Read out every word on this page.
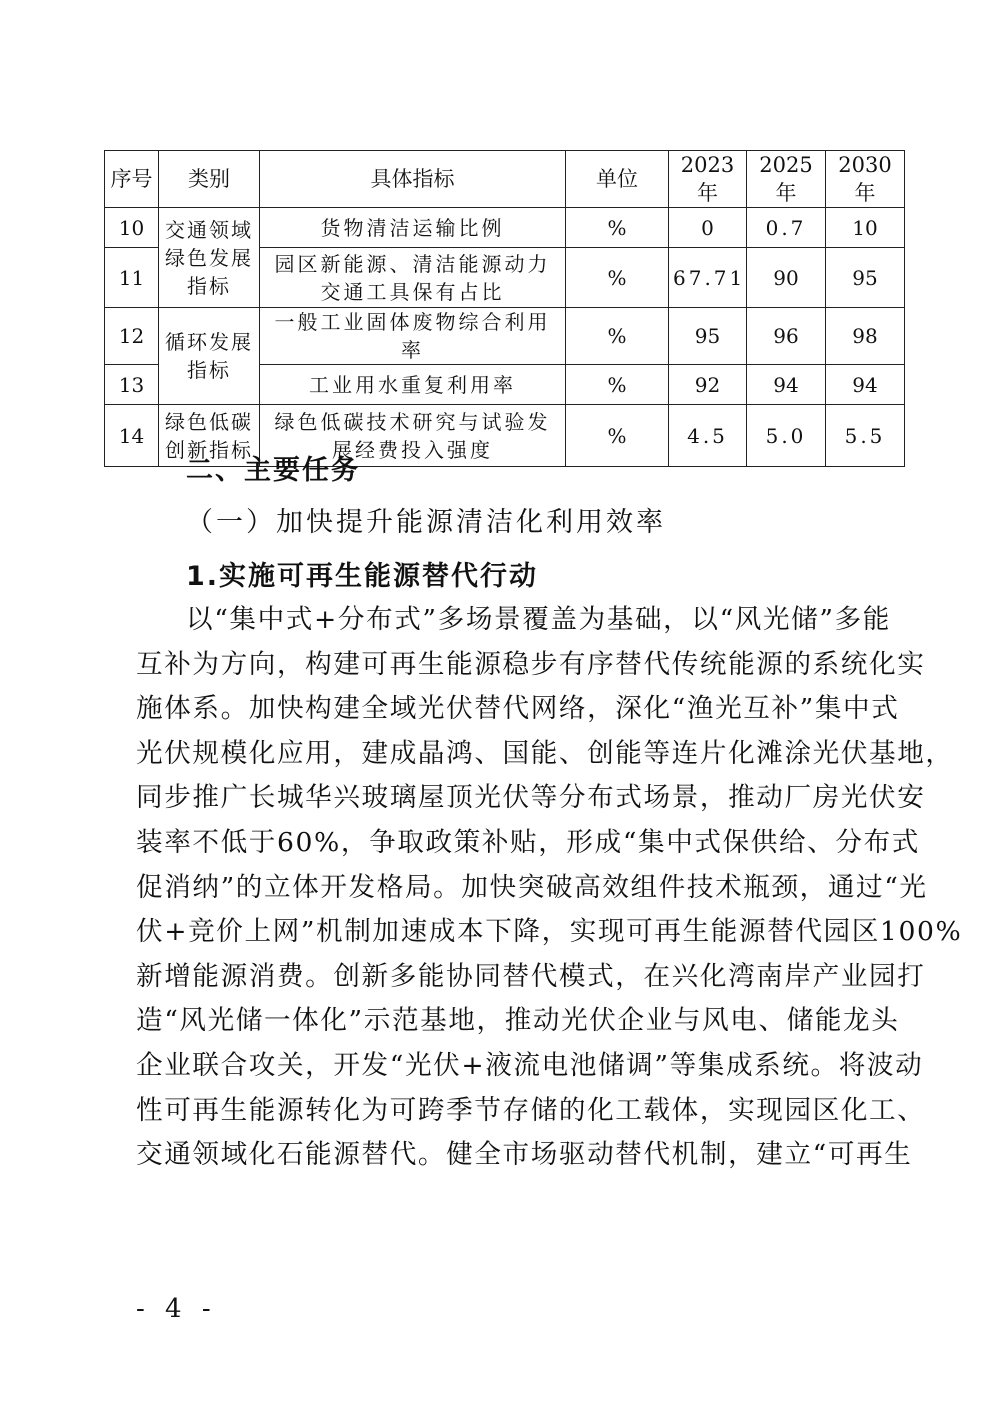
序号	类别	具体指标	单位	2023 年	2025 年	2030 年
10	交通领域绿色发展指标	货物清洁运输比例	%	0	0.7	10
11		园区新能源、清洁能源动力交通工具保有占比	%	67.71	90	95
12	循环发展指标	一般工业固体废物综合利用率	%	95	96	98
13		工业用水重复利用率	%	92	94	94
14	绿色低碳创新指标	绿色低碳技术研究与试验发展经费投入强度	%	4.5	5.0	5.5
二、主要任务
（一）加快提升能源清洁化利用效率
1.实施可再生能源替代行动
以“集中式+分布式”多场景覆盖为基础，以“风光储”多能
互补为方向，构建可再生能源稳步有序替代传统能源的系统化实
施体系。加快构建全域光伏替代网络，深化“渔光互补”集中式
光伏规模化应用，建成晶鸿、国能、创能等连片化滩涂光伏基地，
同步推广长城华兴玻璃屋顶光伏等分布式场景，推动厂房光伏安
装率不低于60%，争取政策补贴，形成“集中式保供给、分布式
促消纳”的立体开发格局。加快突破高效组件技术瓶颈，通过“光
伏+竞价上网”机制加速成本下降，实现可再生能源替代园区100%
新增能源消费。创新多能协同替代模式，在兴化湾南岸产业园打
造“风光储一体化”示范基地，推动光伏企业与风电、储能龙头
企业联合攻关，开发“光伏+液流电池储调”等集成系统。将波动
性可再生能源转化为可跨季节存储的化工载体，实现园区化工、
交通领域化石能源替代。健全市场驱动替代机制，建立“可再生
- 4 -
